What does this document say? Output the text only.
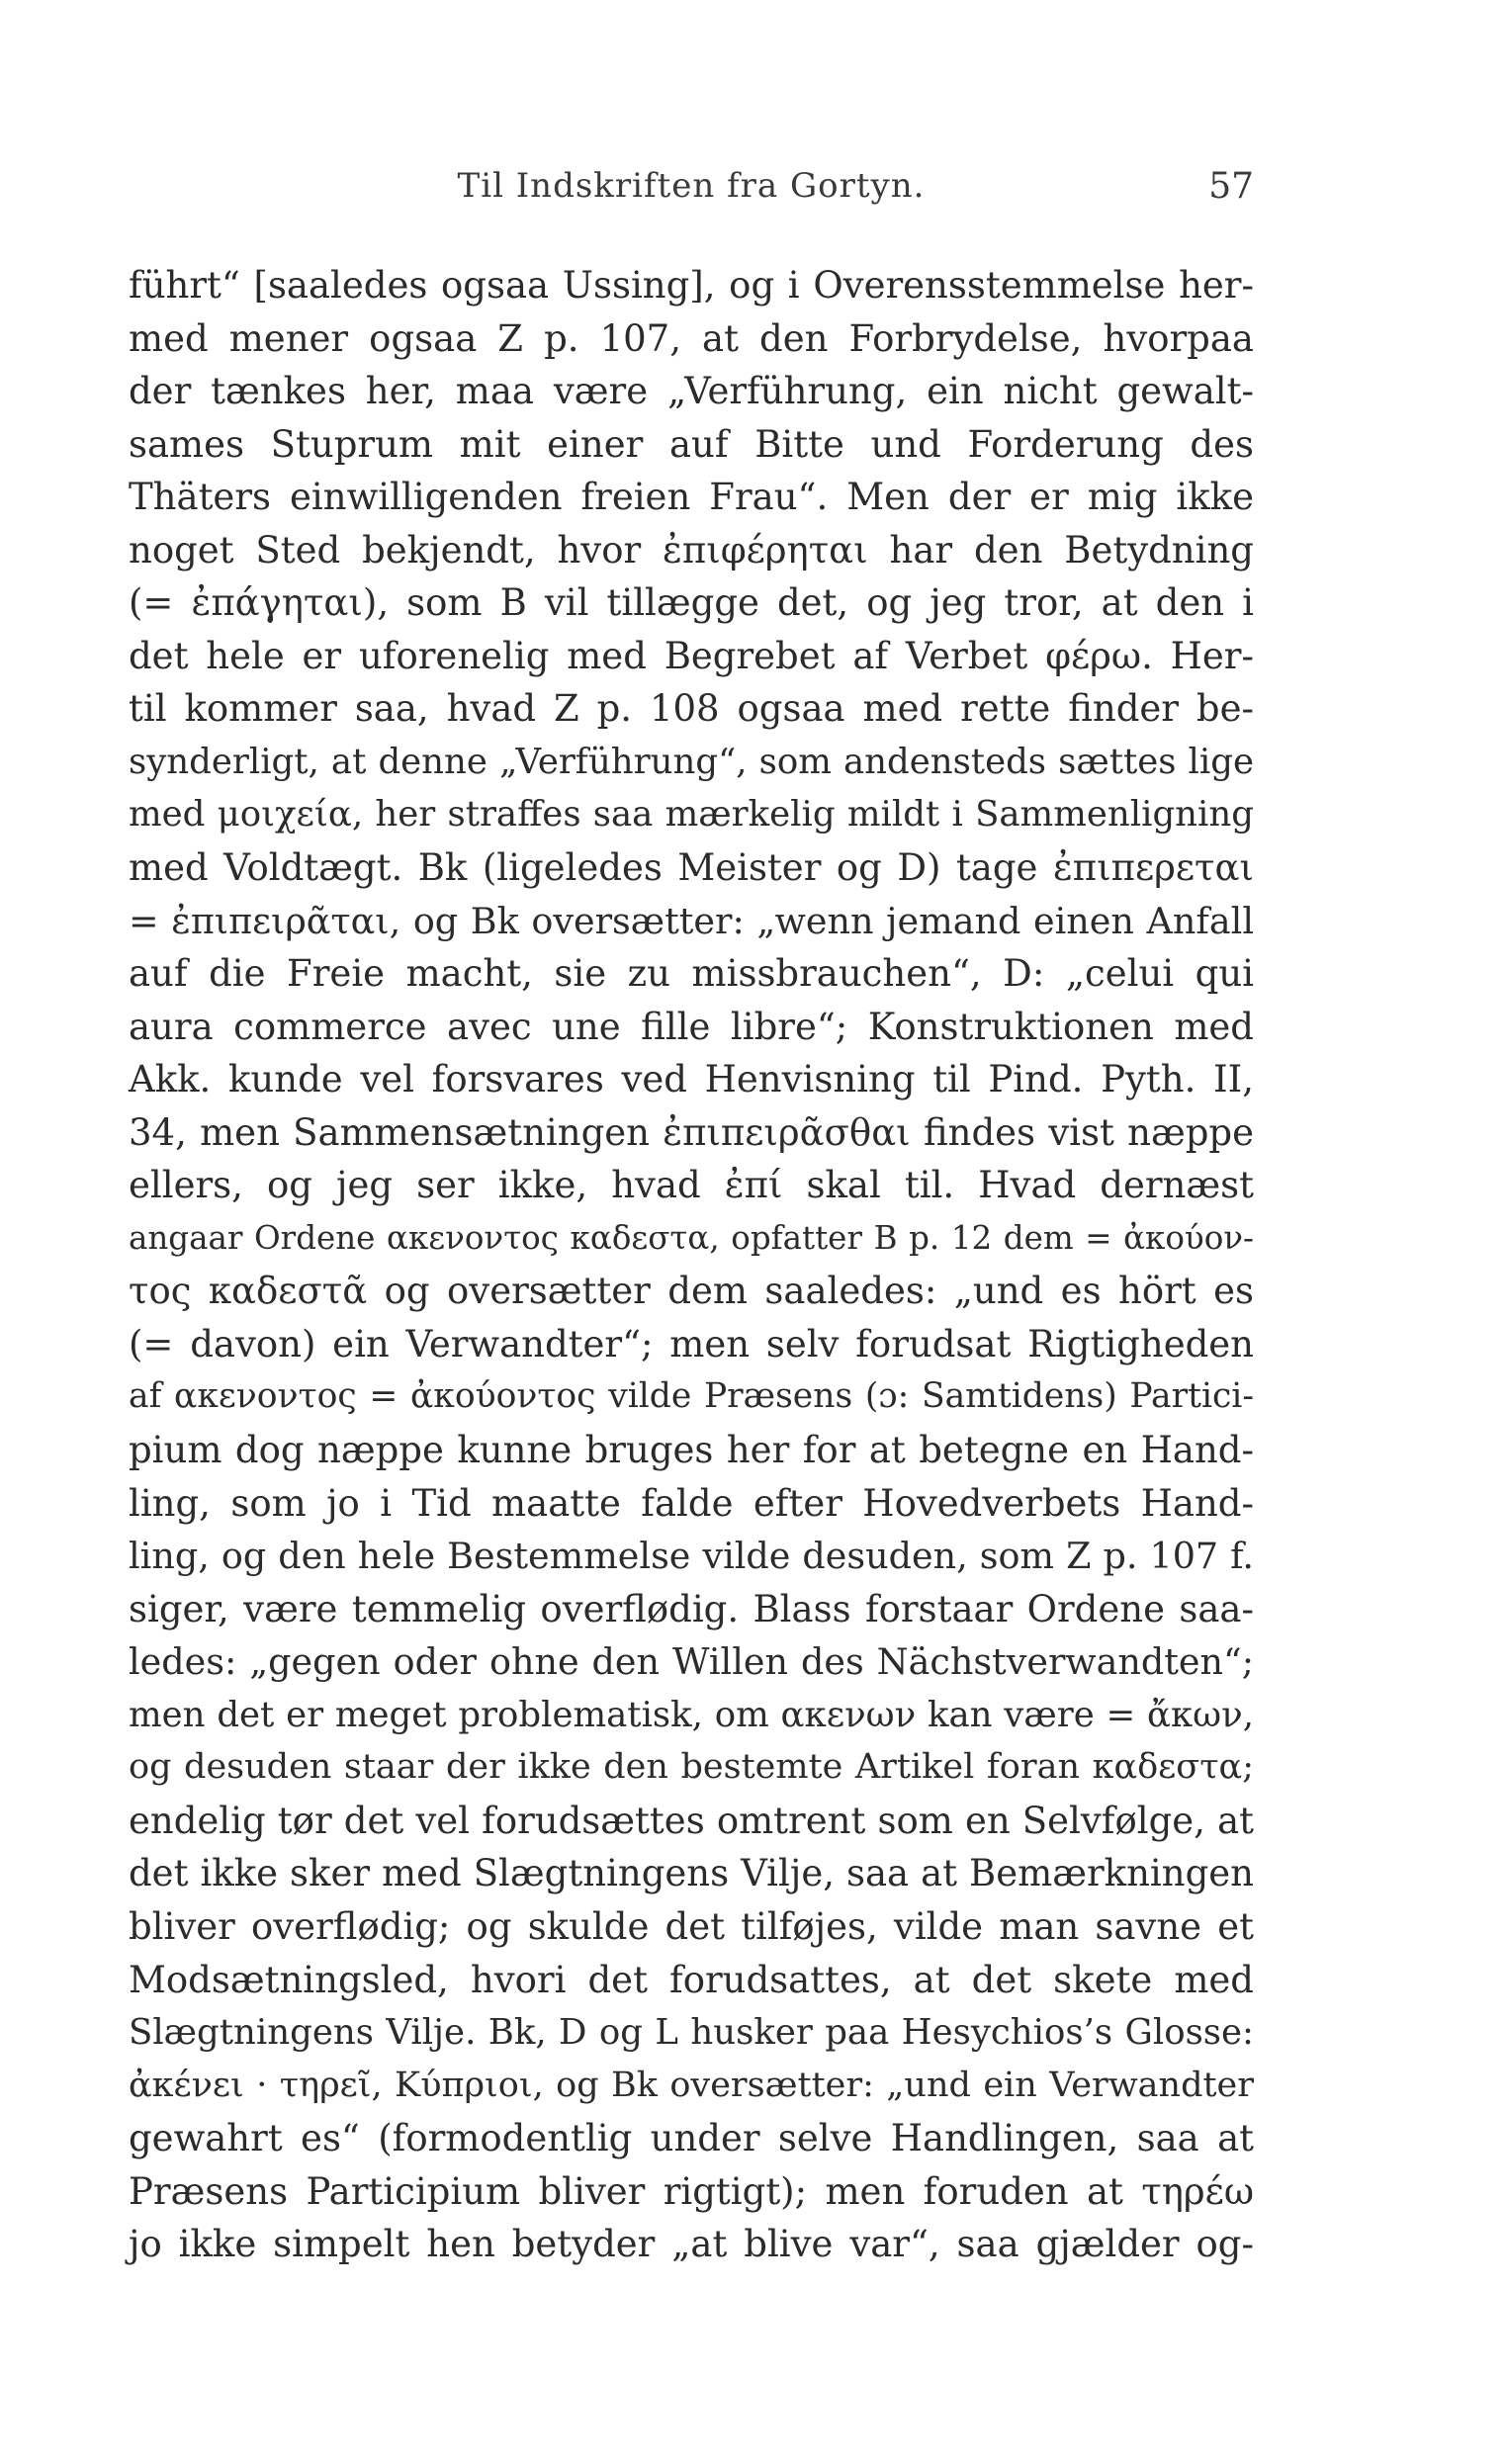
Til Indskriften fra Gortyn.	57
führt“ [saaledes ogsaa Ussing], og i Overensstemmelse her-
med mener ogsaa Z p. 107, at den Forbrydelse, hvorpaa
der tænkes her, maa være „Verführung, ein nicht gewalt-
sames Stuprum mit einer auf Bitte und Forderung des
Thäters einwilligenden freien Frau“. Men der er mig ikke
noget Sted bekjendt, hvor ἐπιφέρηται har den Betydning
(= ἐπάγηται), som B vil tillægge det, og jeg tror, at den i
det hele er uforenelig med Begrebet af Verbet φέρω. Her-
til kommer saa, hvad Z p. 108 ogsaa med rette finder be-
synderligt, at denne „Verführung“, som andensteds sættes lige
med μοιχεία, her straffes saa mærkelig mildt i Sammenligning
med Voldtægt. Bk (ligeledes Meister og D) tage ἐπιπερεται
= ἐπιπειρᾶται, og Bk oversætter: „wenn jemand einen Anfall
auf die Freie macht, sie zu missbrauchen“, D: „celui qui
aura commerce avec une fille libre“; Konstruktionen med
Akk. kunde vel forsvares ved Henvisning til Pind. Pyth. II,
34, men Sammensætningen ἐπιπειρᾶσθαι findes vist næppe
ellers, og jeg ser ikke, hvad ἐπί skal til. Hvad dernæst
angaar Ordene ακενοντος καδεστα, opfatter B p. 12 dem = ἀκούον-
τος καδεστᾶ og oversætter dem saaledes: „und es hört es
(= davon) ein Verwandter“; men selv forudsat Rigtigheden
af ακενοντος = ἀκούοντος vilde Præsens (ɔ: Samtidens) Partici-
pium dog næppe kunne bruges her for at betegne en Hand-
ling, som jo i Tid maatte falde efter Hovedverbets Hand-
ling, og den hele Bestemmelse vilde desuden, som Z p. 107 f.
siger, være temmelig overflødig. Blass forstaar Ordene saa-
ledes: „gegen oder ohne den Willen des Nächstverwandten“;
men det er meget problematisk, om ακενων kan være = ἄκων,
og desuden staar der ikke den bestemte Artikel foran καδεστα;
endelig tør det vel forudsættes omtrent som en Selvfølge, at
det ikke sker med Slægtningens Vilje, saa at Bemærkningen
bliver overflødig; og skulde det tilføjes, vilde man savne et
Modsætningsled, hvori det forudsattes, at det skete med
Slægtningens Vilje. Bk, D og L husker paa Hesychios’s Glosse:
ἀκένει · τηρεῖ, Κύπριοι, og Bk oversætter: „und ein Verwandter
gewahrt es“ (formodentlig under selve Handlingen, saa at
Præsens Participium bliver rigtigt); men foruden at τηρέω
jo ikke simpelt hen betyder „at blive var“, saa gjælder og-
